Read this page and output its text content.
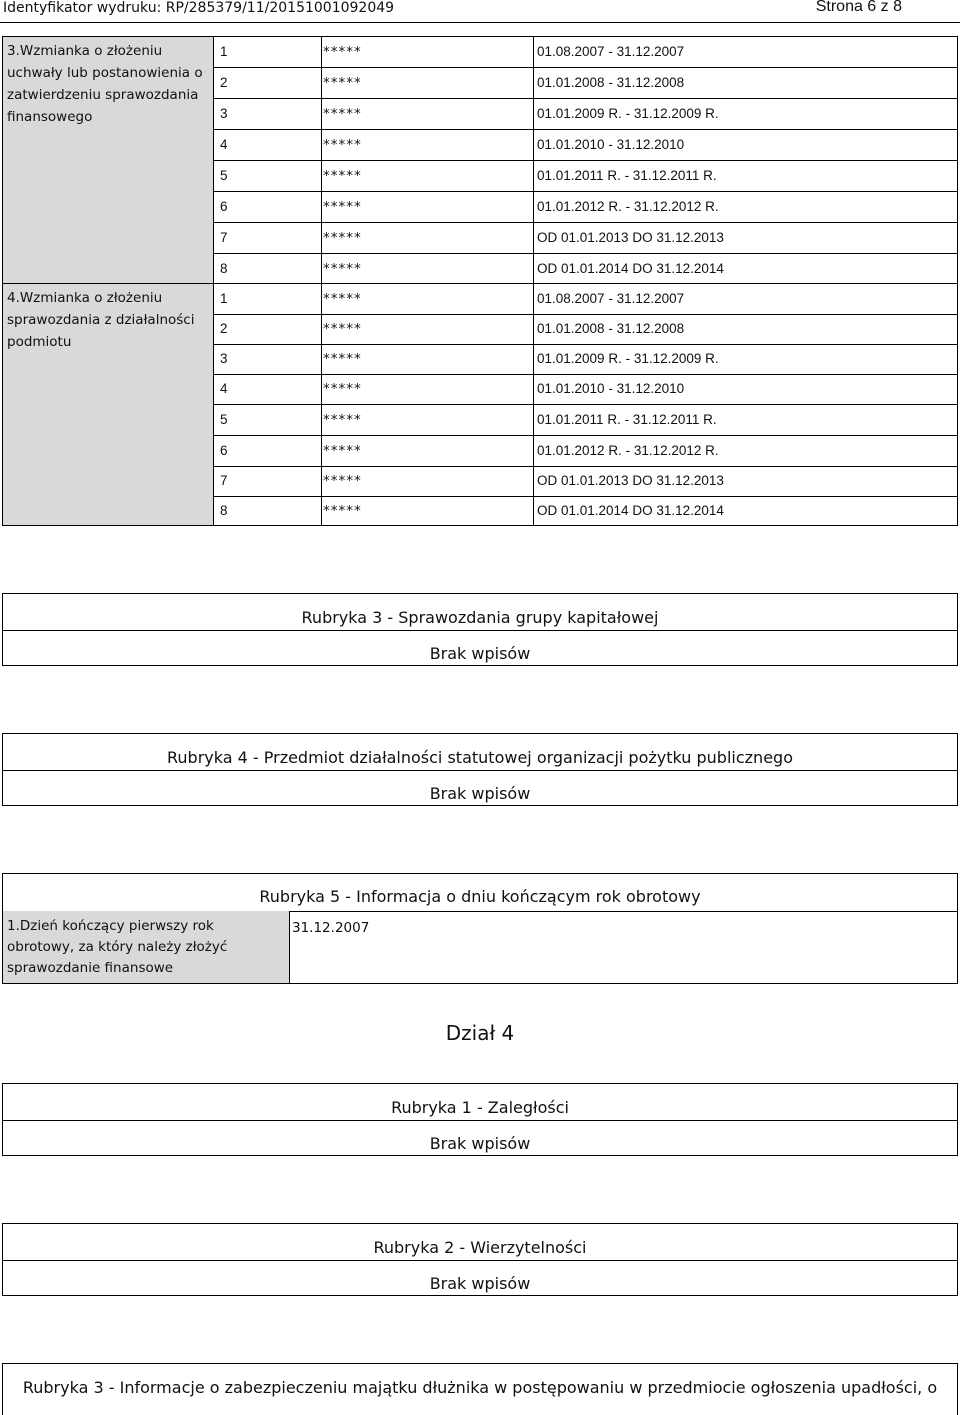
Identyfikator wydruku: RP/285379/11/20151001092049	Strona 6 z 8
3.Wzmianka o złożeniu uchwały lub postanowienia o zatwierdzeniu sprawozdania finansowego
1	*****	01.08.2007 - 31.12.2007
2	*****	01.01.2008 - 31.12.2008
3	*****	01.01.2009 R. - 31.12.2009 R.
4	*****	01.01.2010 - 31.12.2010
5	*****	01.01.2011 R. - 31.12.2011 R.
6	*****	01.01.2012 R. - 31.12.2012 R.
7	*****	OD 01.01.2013 DO 31.12.2013
8	*****	OD 01.01.2014 DO 31.12.2014
4.Wzmianka o złożeniu sprawozdania z działalności podmiotu
1	*****	01.08.2007 - 31.12.2007
2	*****	01.01.2008 - 31.12.2008
3	*****	01.01.2009 R. - 31.12.2009 R.
4	*****	01.01.2010 - 31.12.2010
5	*****	01.01.2011 R. - 31.12.2011 R.
6	*****	01.01.2012 R. - 31.12.2012 R.
7	*****	OD 01.01.2013 DO 31.12.2013
8	*****	OD 01.01.2014 DO 31.12.2014
Rubryka 3 - Sprawozdania grupy kapitałowej
Brak wpisów
Rubryka 4 - Przedmiot działalności statutowej organizacji pożytku publicznego
Brak wpisów
Rubryka 5 - Informacja o dniu kończącym rok obrotowy
1.Dzień kończący pierwszy rok obrotowy, za który należy złożyć sprawozdanie finansowe
31.12.2007
Dział 4
Rubryka 1 - Zaległości
Brak wpisów
Rubryka 2 - Wierzytelności
Brak wpisów
Rubryka 3 - Informacje o zabezpieczeniu majątku dłużnika w postępowaniu w przedmiocie ogłoszenia upadłości, o
